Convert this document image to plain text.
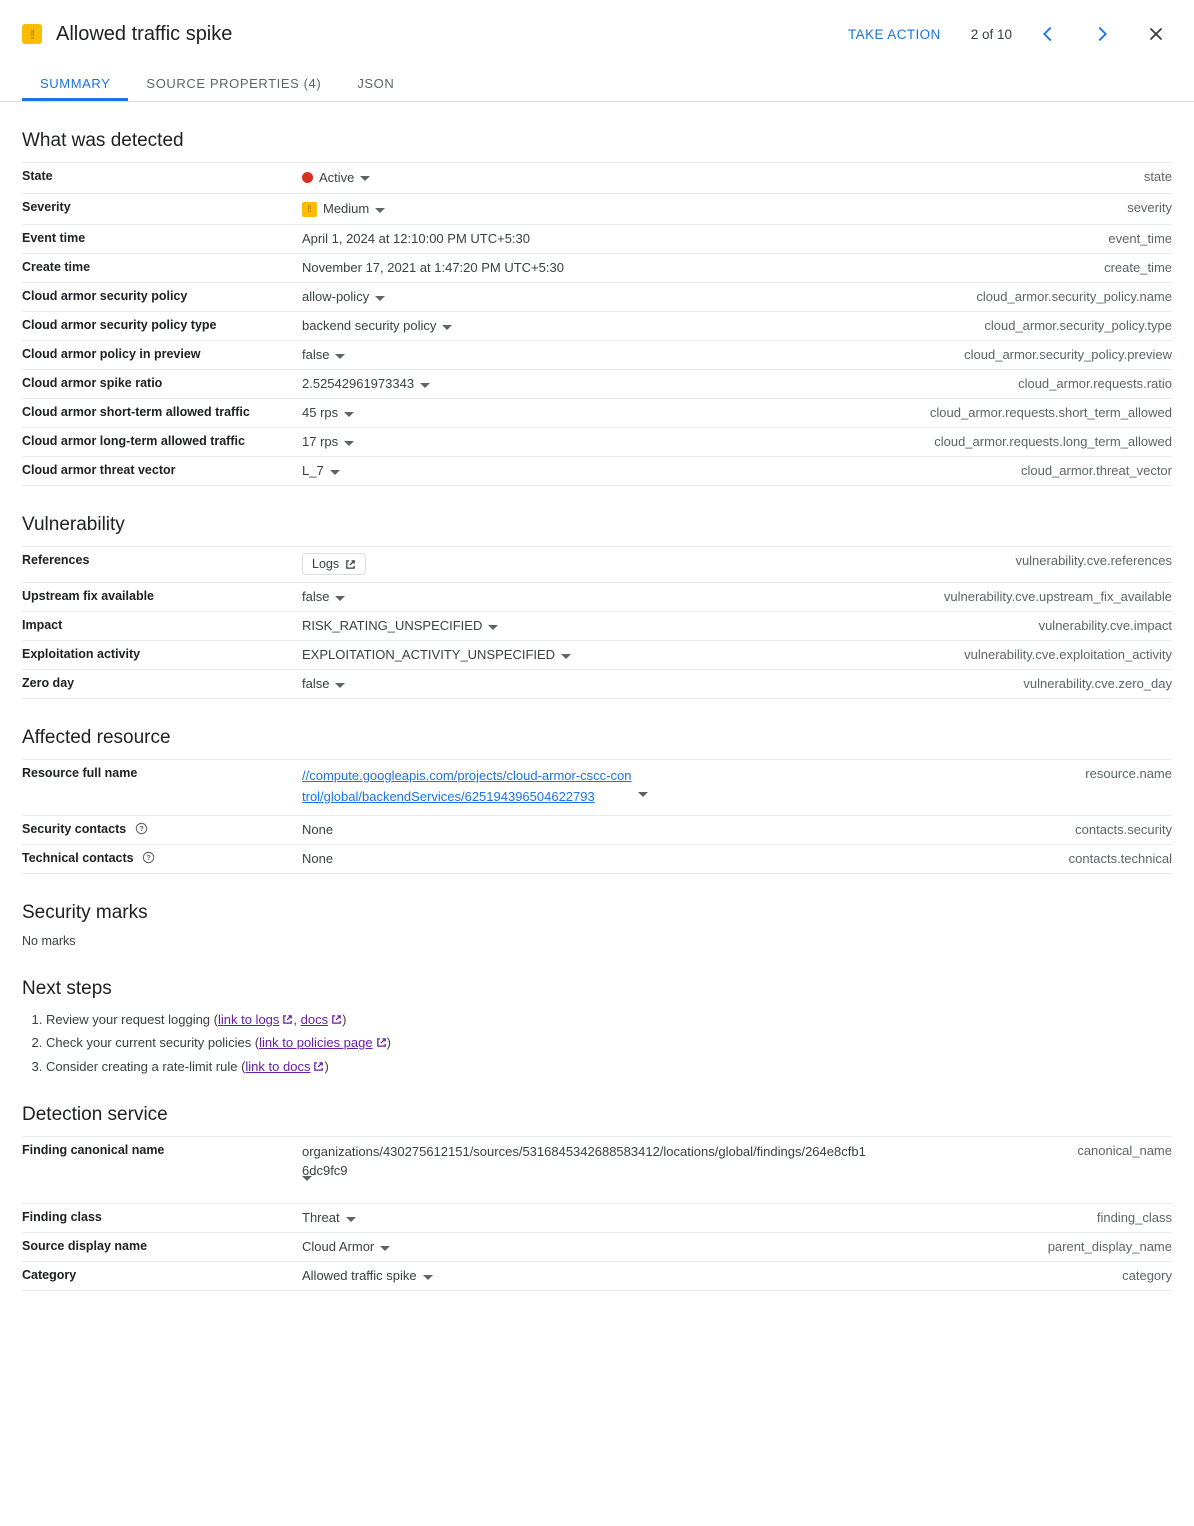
!! Allowed traffic spike	TAKE ACTION	2 of 10
SUMMARY	SOURCE PROPERTIES (4)	JSON
What was detected
State	Active	state
Severity	!! Medium	severity
Event time	April 1, 2024 at 12:10:00 PM UTC+5:30	event_time
Create time	November 17, 2021 at 1:47:20 PM UTC+5:30	create_time
Cloud armor security policy	allow-policy	cloud_armor.security_policy.name
Cloud armor security policy type	backend security policy	cloud_armor.security_policy.type
Cloud armor policy in preview	false	cloud_armor.security_policy.preview
Cloud armor spike ratio	2.52542961973343	cloud_armor.requests.ratio
Cloud armor short-term allowed traffic	45 rps	cloud_armor.requests.short_term_allowed
Cloud armor long-term allowed traffic	17 rps	cloud_armor.requests.long_term_allowed
Cloud armor threat vector	L_7	cloud_armor.threat_vector
Vulnerability
References	Logs	vulnerability.cve.references
Upstream fix available	false	vulnerability.cve.upstream_fix_available
Impact	RISK_RATING_UNSPECIFIED	vulnerability.cve.impact
Exploitation activity	EXPLOITATION_ACTIVITY_UNSPECIFIED	vulnerability.cve.exploitation_activity
Zero day	false	vulnerability.cve.zero_day
Affected resource
Resource full name	//compute.googleapis.com/projects/cloud-armor-cscc-control/global/backendServices/625194396504622793	resource.name
Security contacts ?	None	contacts.security
Technical contacts ?	None	contacts.technical
Security marks

No marks

Next steps
1. Review your request logging ( link to logs , docs )
2. Check your current security policies ( link to policies page )
3. Consider creating a rate-limit rule ( link to docs )
Detection service
Finding canonical name	organizations/430275612151/sources/5316845342688583412/locations/global/findings/264e8cfb16dc9fc9	canonical_name
Finding class	Threat	finding_class
Source display name	Cloud Armor	parent_display_name
Category	Allowed traffic spike	category
